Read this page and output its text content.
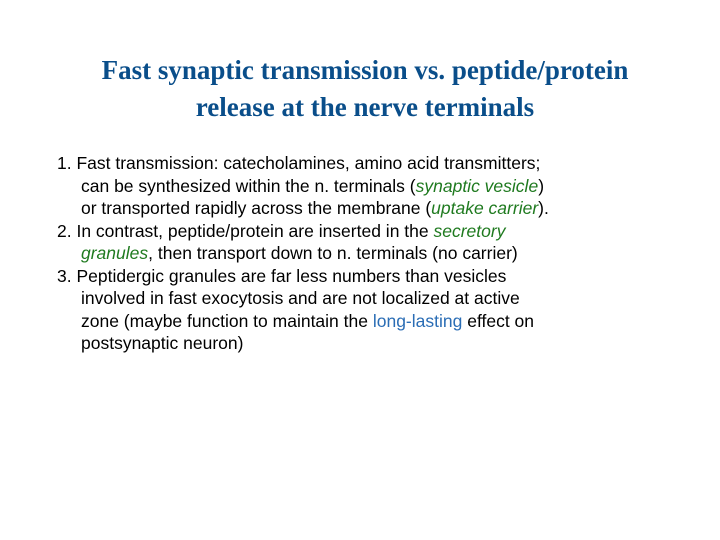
Fast synaptic transmission vs. peptide/protein
release at the nerve terminals
1. Fast transmission: catecholamines, amino acid transmitters;
can be synthesized within the n. terminals (synaptic vesicle)
or transported rapidly across the membrane (uptake carrier).
2. In contrast, peptide/protein are inserted in the secretory
granules, then transport down to n. terminals (no carrier)
3. Peptidergic granules are far less numbers than vesicles
involved in fast exocytosis and are not localized at active
zone (maybe function to maintain the long-lasting effect on
postsynaptic neuron)
